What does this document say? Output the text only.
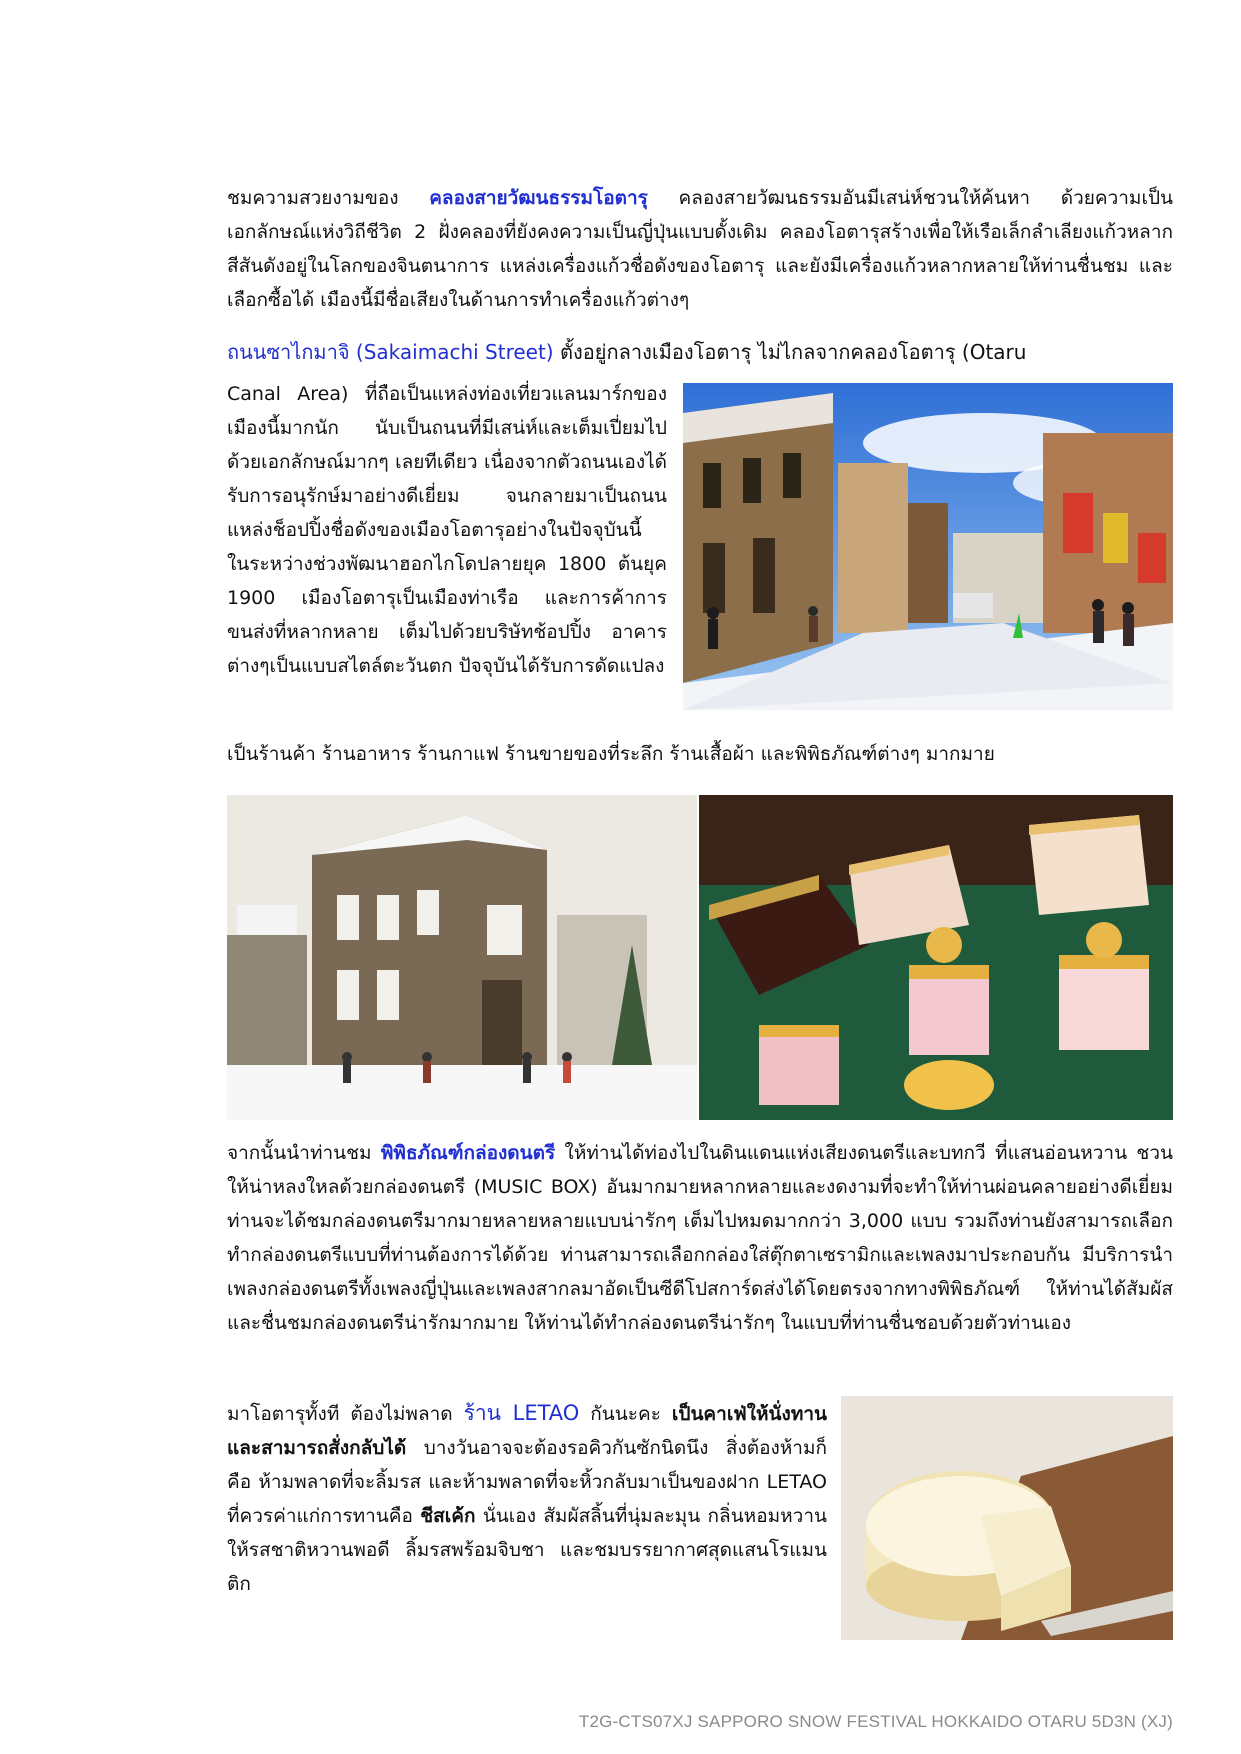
ชมความสวยงามของ คลองสายวัฒนธรรมโอตารุ คลองสายวัฒนธรรมอันมีเสน่ห์ชวนให้ค้นหา ด้วยความเป็นเอกลักษณ์แห่งวิถีชีวิต 2 ฝั่งคลองที่ยังคงความเป็นญี่ปุ่นแบบดั้งเดิม คลองโอตารุสร้างเพื่อให้เรือเล็กลำเลียงแก้วหลากสีสันดังอยู่ในโลกของจินตนาการ แหล่งเครื่องแก้วชื่อดังของโอตารุ และยังมีเครื่องแก้วหลากหลายให้ท่านชื่นชม และเลือกซื้อได้ เมืองนี้มีชื่อเสียงในด้านการทำเครื่องแก้วต่างๆ

ถนนซาไกมาจิ (Sakaimachi Street) ตั้งอยู่กลางเมืองโอตารุ ไม่ไกลจากคลองโอตารุ (Otaru

Canal Area) ที่ถือเป็นแหล่งท่องเที่ยวแลนมาร์กของเมืองนี้มากนัก นับเป็นถนนที่มีเสน่ห์และเต็มเปี่ยมไปด้วยเอกลักษณ์มากๆ เลยทีเดียว เนื่องจากตัวถนนเองได้รับการอนุรักษ์มาอย่างดีเยี่ยม จนกลายมาเป็นถนนแหล่งช็อปปิ้งชื่อดังของเมืองโอตารุอย่างในปัจจุบันนี้ ในระหว่างช่วงพัฒนาฮอกไกโดปลายยุค 1800 ต้นยุค 1900 เมืองโอตารุเป็นเมืองท่าเรือ และการค้าการขนส่งที่หลากหลาย เต็มไปด้วยบริษัทช้อปปิ้ง อาคารต่างๆเป็นแบบสไตล์ตะวันตก ปัจจุบันได้รับการดัดแปลง

เป็นร้านค้า ร้านอาหาร ร้านกาแฟ ร้านขายของที่ระลึก ร้านเสื้อผ้า และพิพิธภัณฑ์ต่างๆ มากมาย

จากนั้นนำท่านชม พิพิธภัณฑ์กล่องดนตรี ให้ท่านได้ท่องไปในดินแดนแห่งเสียงดนตรีและบทกวี ที่แสนอ่อนหวาน ชวนให้น่าหลงใหลด้วยกล่องดนตรี (MUSIC BOX) อันมากมายหลากหลายและงดงามที่จะทำให้ท่านผ่อนคลายอย่างดีเยี่ยม ท่านจะได้ชมกล่องดนตรีมากมายหลายหลายแบบน่ารักๆ เต็มไปหมดมากกว่า 3,000 แบบ รวมถึงท่านยังสามารถเลือกทำกล่องดนตรีแบบที่ท่านต้องการได้ด้วย ท่านสามารถเลือกกล่องใส่ตุ๊กตาเซรามิกและเพลงมาประกอบกัน มีบริการนำเพลงกล่องดนตรีทั้งเพลงญี่ปุ่นและเพลงสากลมาอัดเป็นซีดีโปสการ์ดส่งได้โดยตรงจากทางพิพิธภัณฑ์ ให้ท่านได้สัมผัสและชื่นชมกล่องดนตรีน่ารักมากมาย ให้ท่านได้ทำกล่องดนตรีน่ารักๆ ในแบบที่ท่านชื่นชอบด้วยตัวท่านเอง

มาโอตารุทั้งที ต้องไม่พลาด ร้าน LETAO กันนะคะ เป็นคาเฟ่ให้นั่งทานและสามารถสั่งกลับได้ บางวันอาจจะต้องรอคิวกันซักนิดนึง สิ่งต้องห้ามก็คือ ห้ามพลาดที่จะลิ้มรส และห้ามพลาดที่จะหิ้วกลับมาเป็นของฝาก LETAO ที่ควรค่าแก่การทานคือ ชีสเค้ก นั่นเอง สัมผัสลิ้นที่นุ่มละมุน กลิ่นหอมหวาน ให้รสชาติหวานพอดี ลิ้มรสพร้อมจิบชา และชมบรรยากาศสุดแสนโรแมนติก

T2G-CTS07XJ SAPPORO SNOW FESTIVAL HOKKAIDO OTARU 5D3N (XJ)
